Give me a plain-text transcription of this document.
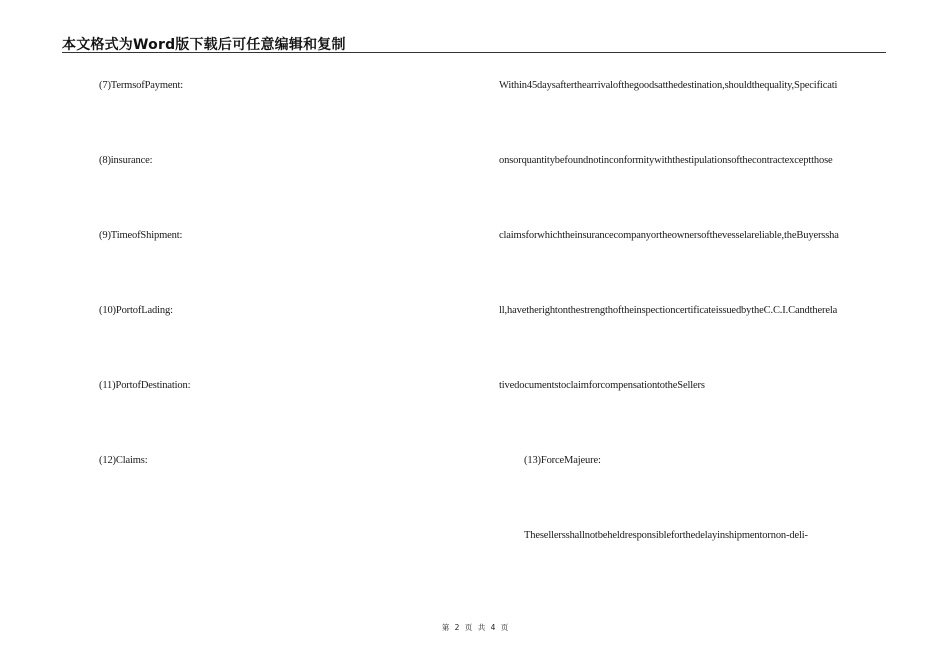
本文格式为Word版下载后可任意编辑和复制
(7)TermsofPayment:
(8)insurance:
(9)TimeofShipment:
(10)PortofLading:
(11)PortofDestination:
(12)Claims:
Within45daysafterthearrivalofthegoodsatthedestination,shouldthequality,Specificati
onsorquantitybefoundnotinconformitywiththestipulationsofthecontractexceptthose
claimsforwhichtheinsurancecompanyortheownersofthevesselareliable,theBuyerssha
ll,havetherightonthestrengthoftheinspectioncertificateissuedbytheC.C.I.Candtherela
tivedocumentstoclaimforcompensationtotheSellers
(13)ForceMajeure:
Thesellersshallnotbeheldresponsibleforthedelayinshipmentornon-deli-
第 2 页 共 4 页
